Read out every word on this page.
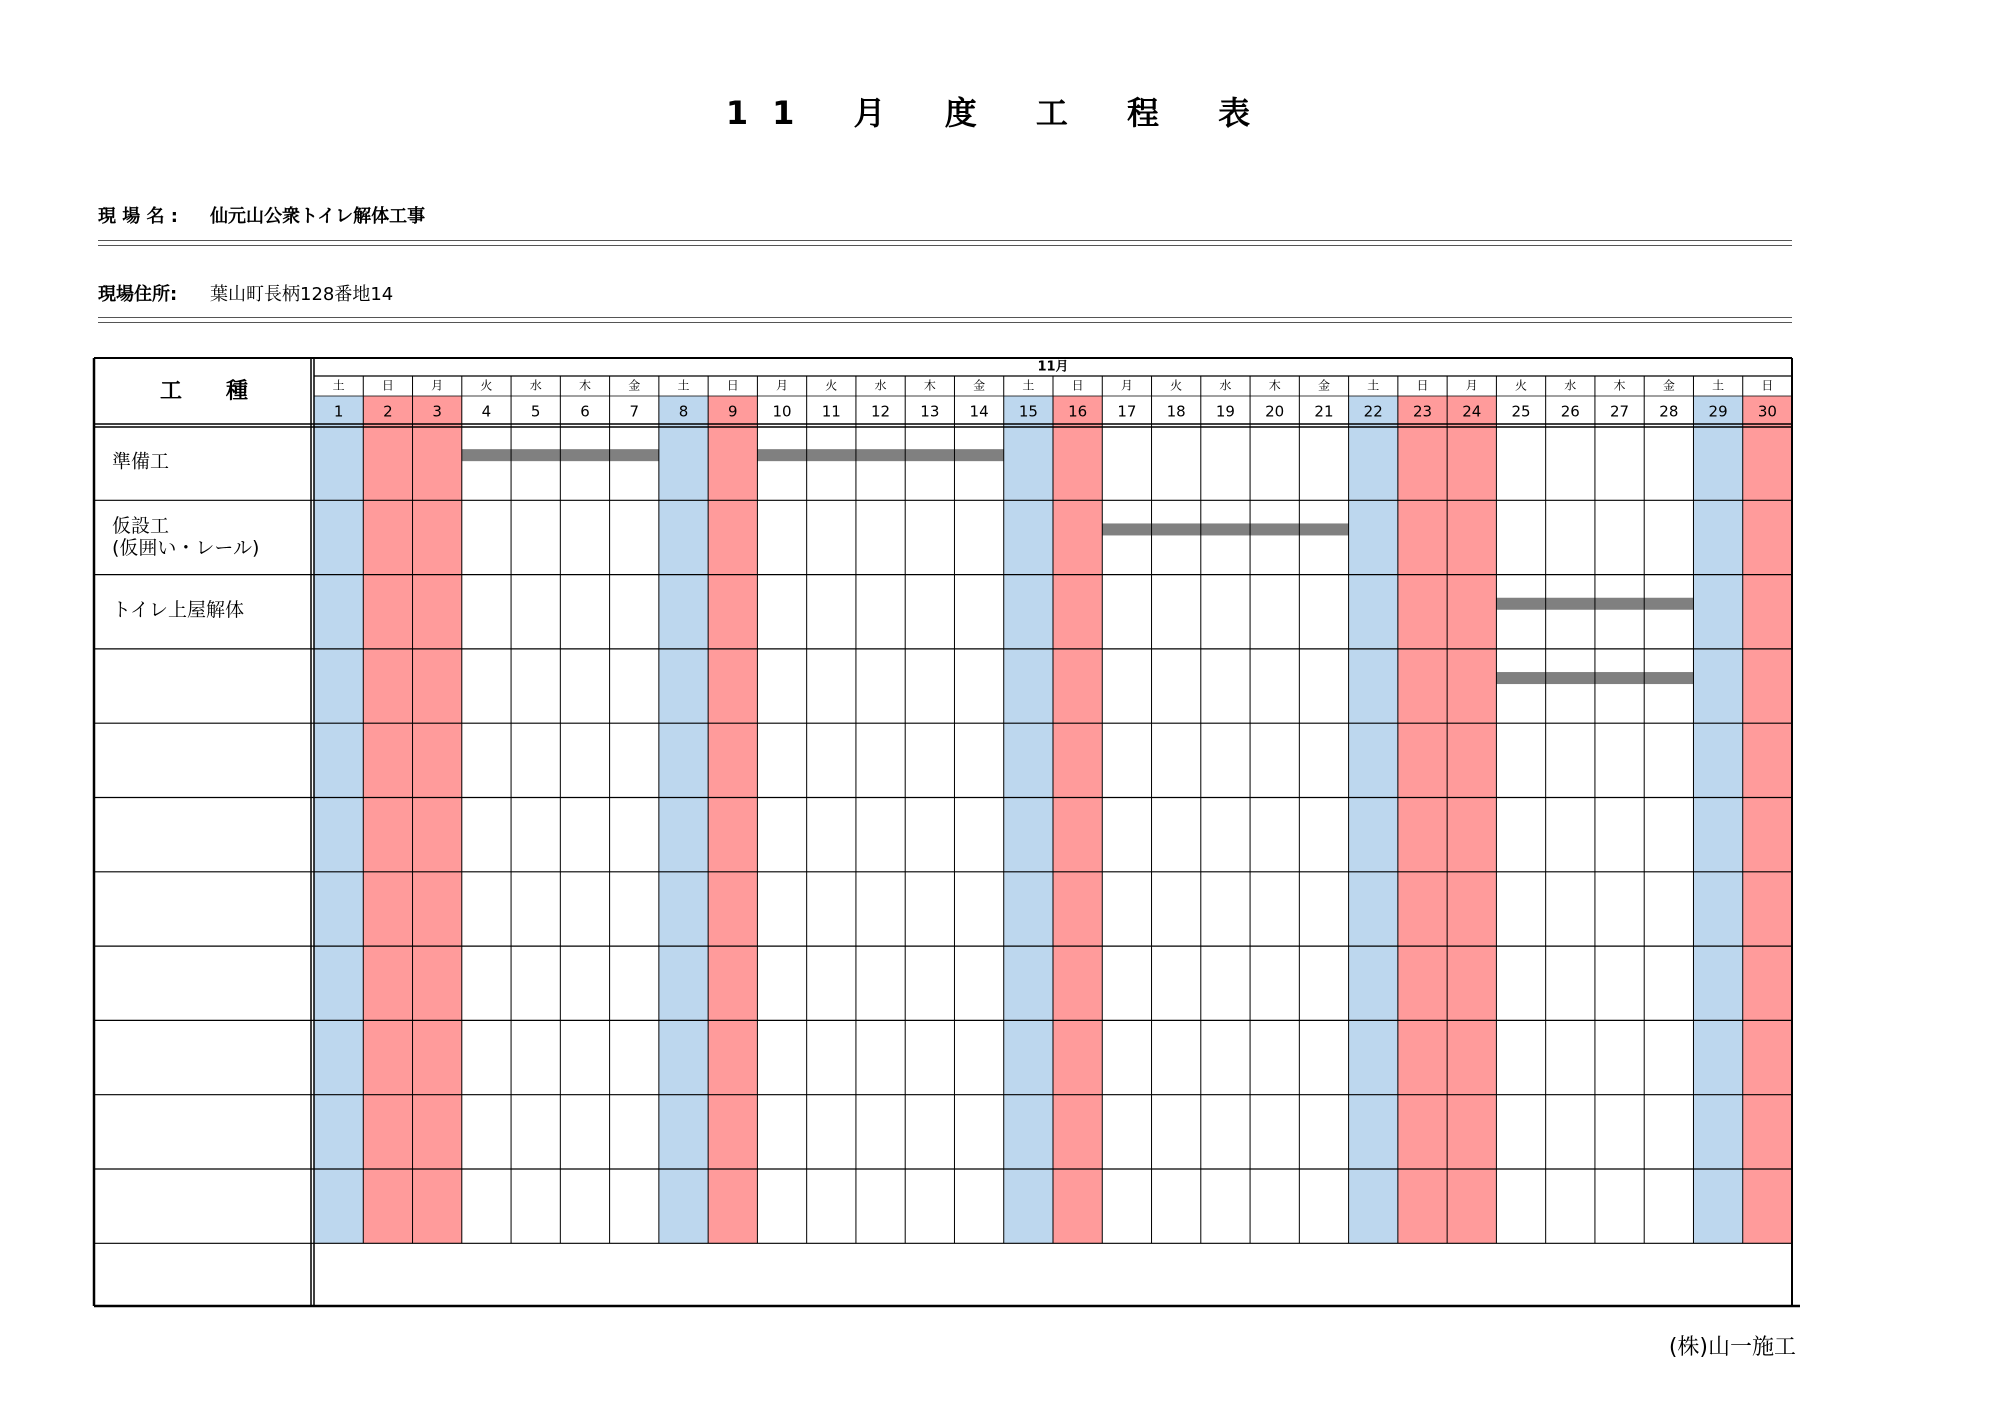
11 月 度 工 程 表
現 場 名 : 仙元山公衆トイレ解体工事
現場住所: 葉山町長柄128番地14
11月
工　　種	土
1
日
2
月
3
火
4
水
5
木
6
金
7
土
8
日
9
月
10
火
11
水
12
木
13
金
14
土
15
日
16
月
17
火
18
水
19
木
20
金
21
土
22
日
23
月
24
火
25
水
26
木
27
金
28
土
29
日
30
準備工
仮設工
(仮囲い・レール)
トイレ上屋解体
(株)山一施工
